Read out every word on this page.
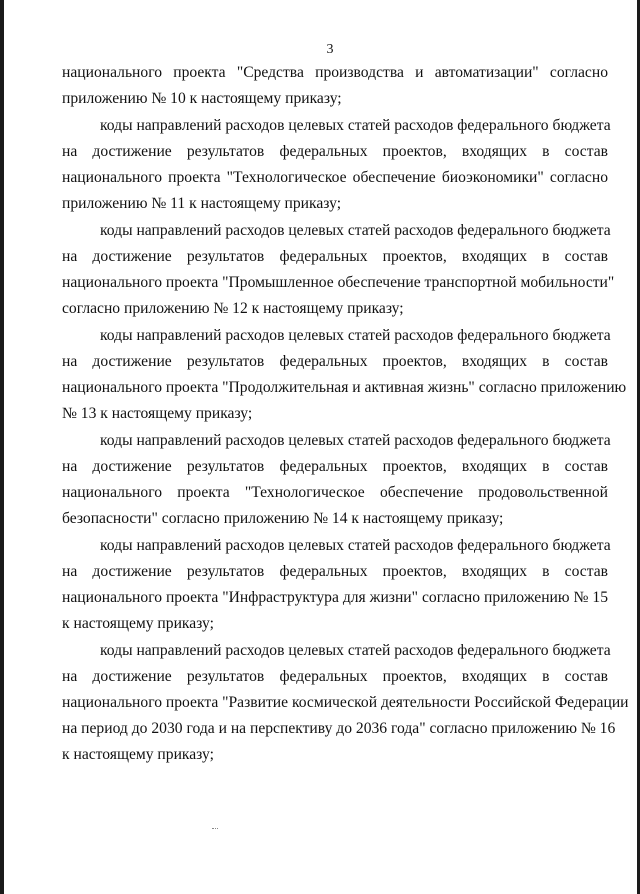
3

национального проекта "Средства производства и автоматизации" согласно
приложению № 10 к настоящему приказу;

коды направлений расходов целевых статей расходов федерального бюджета
на достижение результатов федеральных проектов, входящих в состав
национального проекта "Технологическое обеспечение биоэкономики" согласно
приложению № 11 к настоящему приказу;

коды направлений расходов целевых статей расходов федерального бюджета
на достижение результатов федеральных проектов, входящих в состав
национального проекта "Промышленное обеспечение транспортной мобильности"
согласно приложению № 12 к настоящему приказу;

коды направлений расходов целевых статей расходов федерального бюджета
на достижение результатов федеральных проектов, входящих в состав
национального проекта "Продолжительная и активная жизнь" согласно приложению
№ 13 к настоящему приказу;

коды направлений расходов целевых статей расходов федерального бюджета
на достижение результатов федеральных проектов, входящих в состав
национального проекта "Технологическое обеспечение продовольственной
безопасности" согласно приложению № 14 к настоящему приказу;

коды направлений расходов целевых статей расходов федерального бюджета
на достижение результатов федеральных проектов, входящих в состав
национального проекта "Инфраструктура для жизни" согласно приложению № 15
к настоящему приказу;

коды направлений расходов целевых статей расходов федерального бюджета
на достижение результатов федеральных проектов, входящих в состав
национального проекта "Развитие космической деятельности Российской Федерации
на период до 2030 года и на перспективу до 2036 года" согласно приложению № 16
к настоящему приказу;
